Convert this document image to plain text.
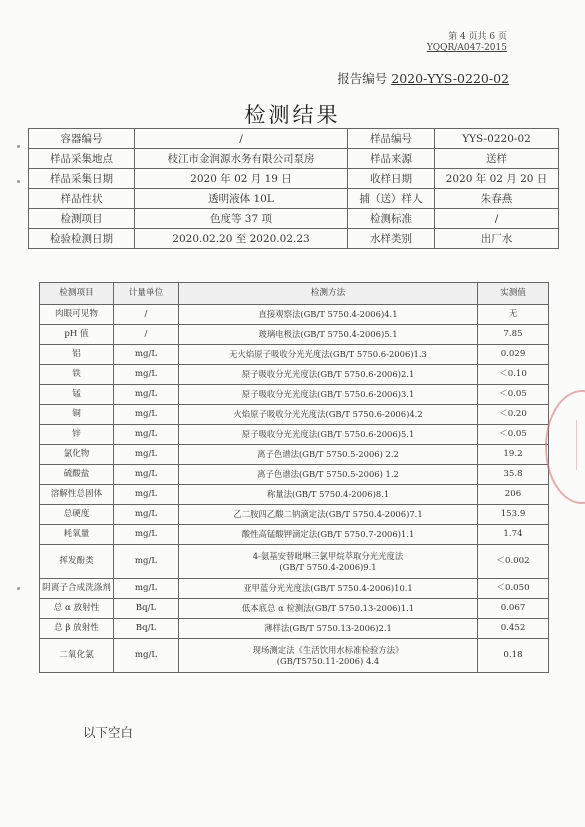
第 4 页共 6 页
YQQR/A047-2015
报告编号 2020-YYS-0220-02
检测结果
容器编号	/	样品编号	YYS-0220-02
样品采集地点	枝江市金润源水务有限公司泵房	样品来源	送样
样品采集日期	2020 年 02 月 19 日	收样日期	2020 年 02 月 20 日
样品性状	透明液体 10L	捕（送）样人	朱春燕
检测项目	色度等 37 项	检测标准	/
检验检测日期	2020.02.20 至 2020.02.23	水样类别	出厂水
检测项目	计量单位	检测方法	实测值
肉眼可见物	/	直接观察法(GB/T 5750.4-2006)4.1	无
pH 值	/	玻璃电极法(GB/T 5750.4-2006)5.1	7.85
铝	mg/L	无火焰原子吸收分光光度法(GB/T 5750.6-2006)1.3	0.029
铁	mg/L	原子吸收分光光度法(GB/T 5750.6-2006)2.1	＜0.10
锰	mg/L	原子吸收分光光度法(GB/T 5750.6-2006)3.1	＜0.05
铜	mg/L	火焰原子吸收分光光度法(GB/T 5750.6-2006)4.2	＜0.20
锌	mg/L	原子吸收分光光度法(GB/T 5750.6-2006)5.1	＜0.05
氯化物	mg/L	离子色谱法(GB/T 5750.5-2006) 2.2	19.2
硫酸盐	mg/L	离子色谱法(GB/T 5750.5-2006) 1.2	35.8
溶解性总固体	mg/L	称量法(GB/T 5750.4-2006)8.1	206
总硬度	mg/L	乙二胺四乙酸二钠滴定法(GB/T 5750.4-2006)7.1	153.9
耗氧量	mg/L	酸性高锰酸钾滴定法(GB/T 5750.7-2006)1.1	1.74
挥发酚类	mg/L	4-氨基安替吡啉三氯甲烷萃取分光光度法
(GB/T 5750.4-2006)9.1	＜0.002
阴离子合成洗涤剂	mg/L	亚甲蓝分光光度法(GB/T 5750.4-2006)10.1	＜0.050
总 α 放射性	Bq/L	低本底总 α 检测法(GB/T 5750.13-2006)1.1	0.067
总 β 放射性	Bq/L	薄样法(GB/T 5750.13-2006)2.1	0.452
二氧化氯	mg/L	现场测定法《生活饮用水标准检验方法》
(GB/T5750.11-2006) 4.4	0.18
以下空白
